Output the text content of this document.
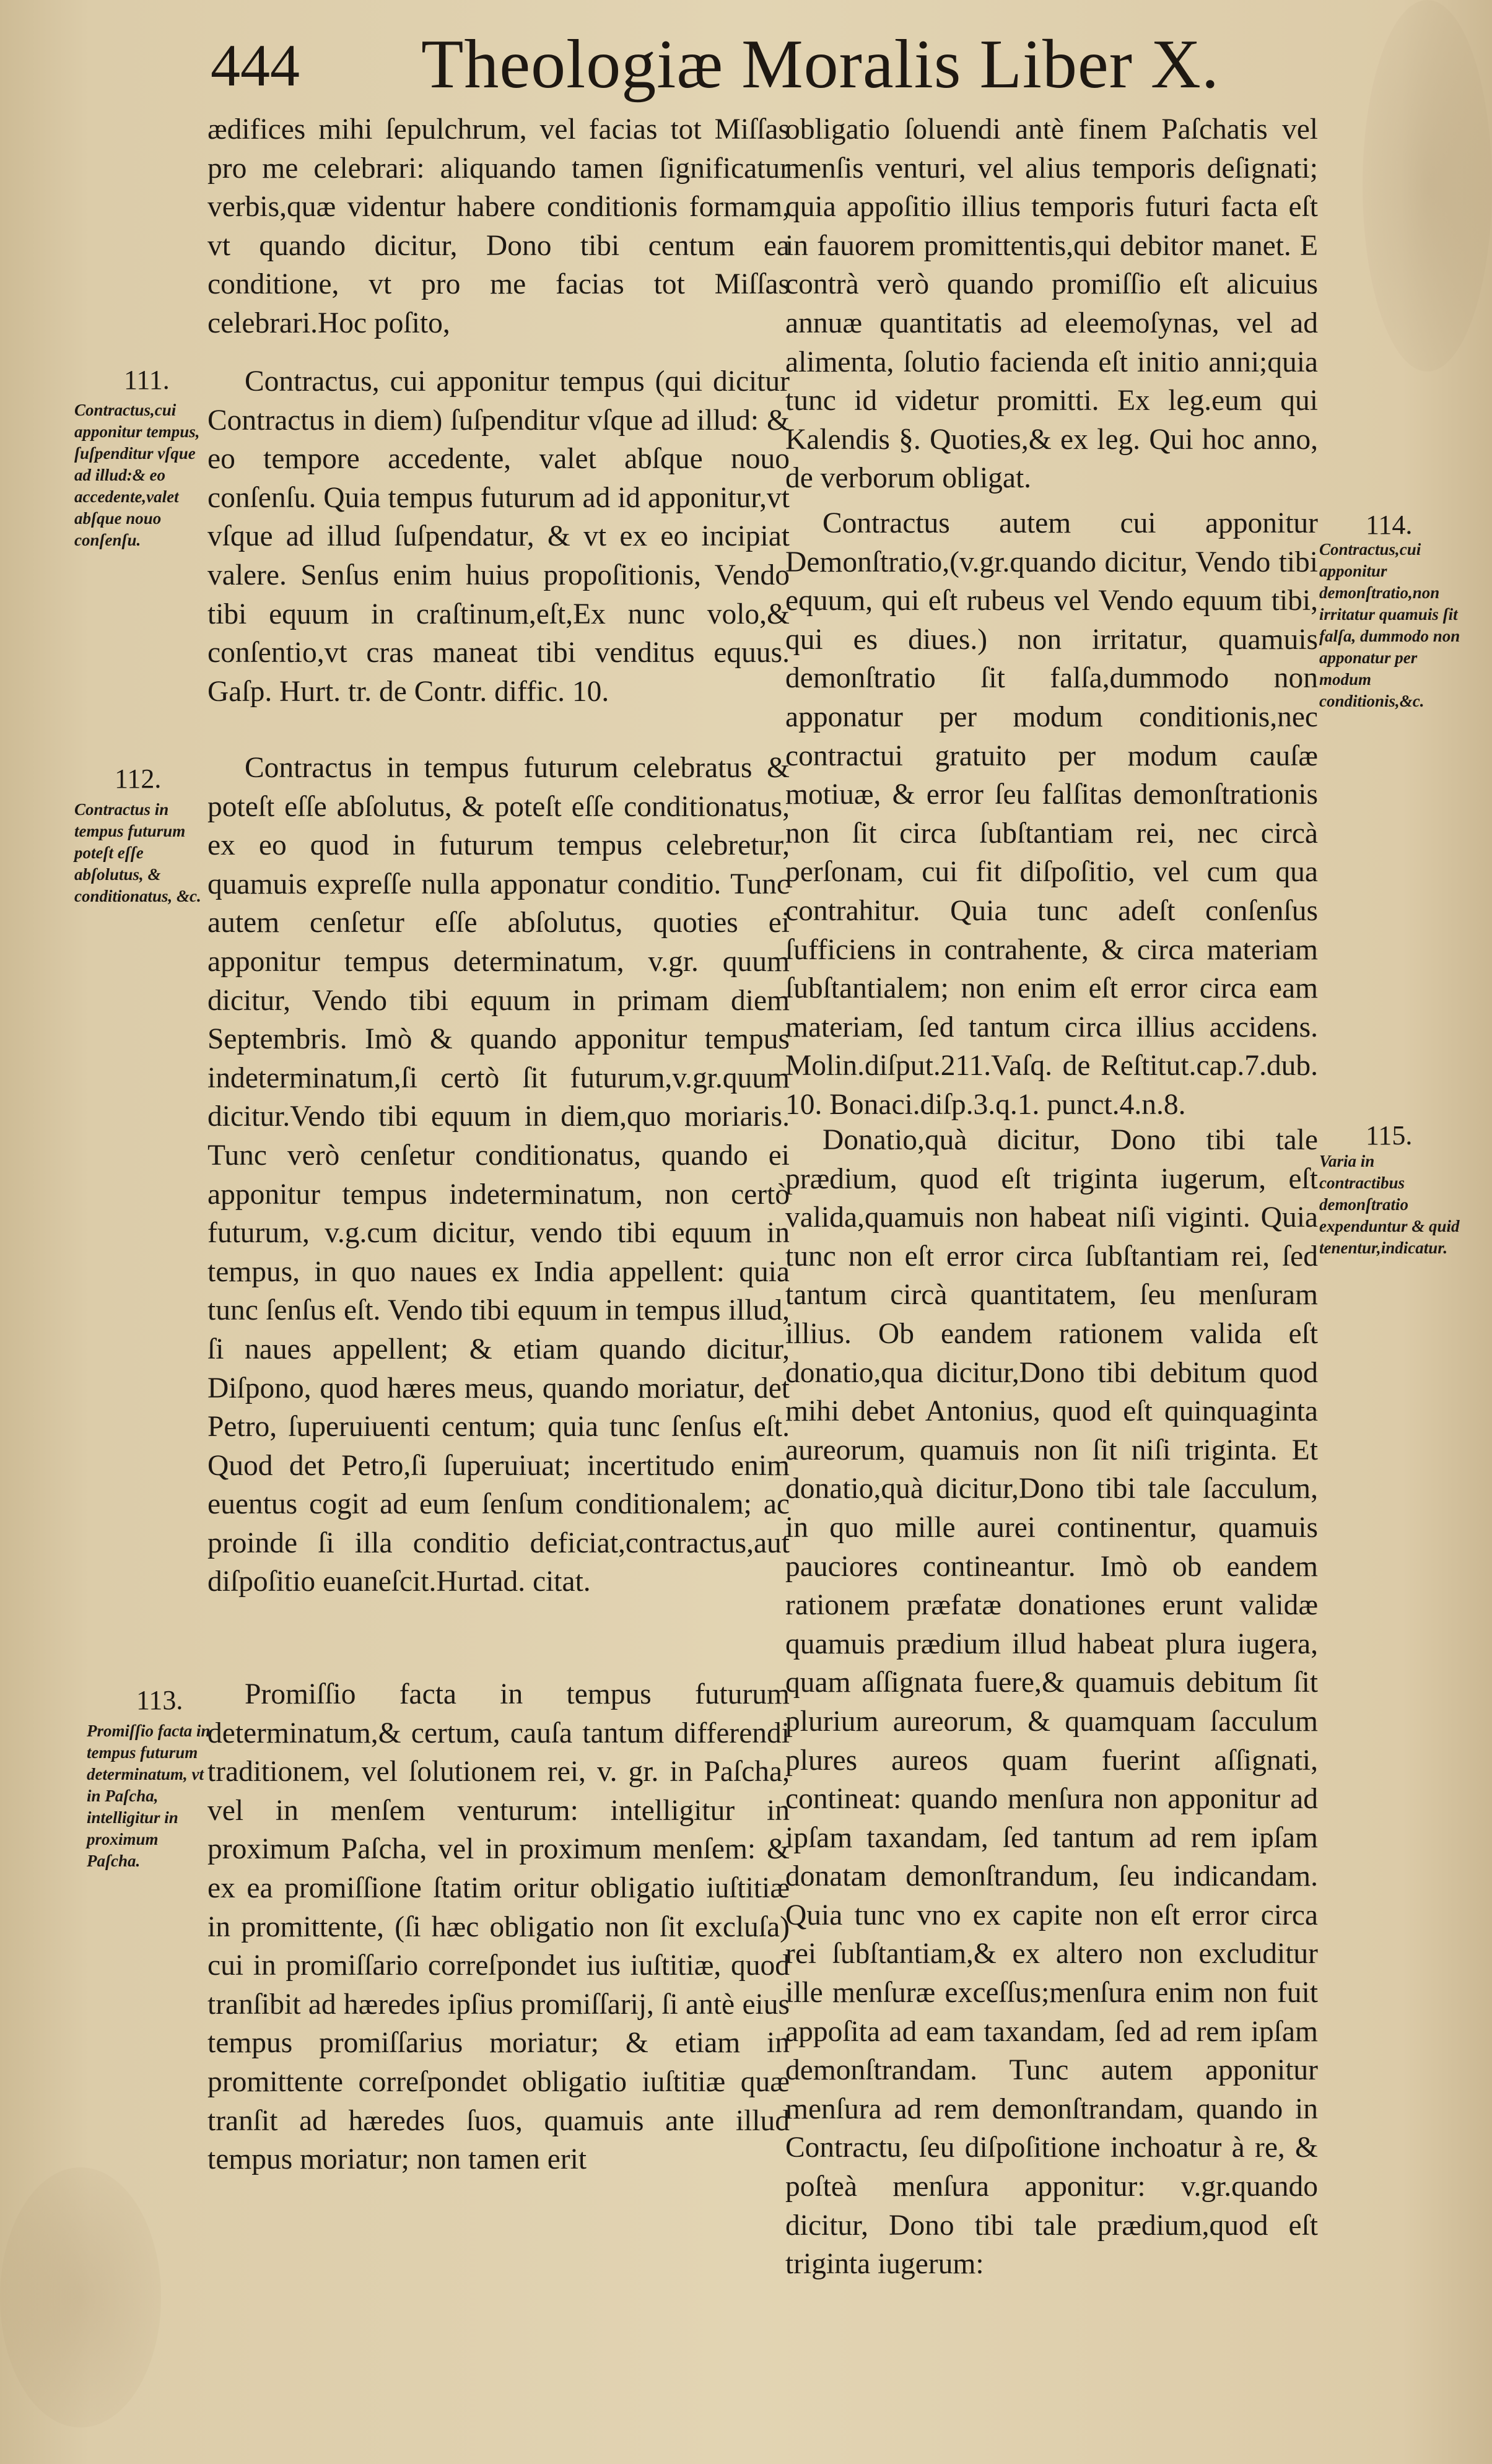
444 Theologiæ Moralis Liber X.

ædifices mihi ſepulchrum, vel facias tot Miſſas pro me celebrari: aliquando tamen ſignificatur verbis,quæ videntur habere conditionis formam, vt quando dicitur, Dono tibi centum ea conditione, vt pro me facias tot Miſſas celebrari.Hoc poſito,

Contractus, cui apponitur tempus (qui dicitur Contractus in diem) ſuſpenditur vſque ad illud: & eo tempore accedente, valet abſque nouo conſenſu. Quia tempus futurum ad id apponitur,vt vſque ad illud ſuſpendatur, & vt ex eo incipiat valere. Senſus enim huius propoſitionis, Vendo tibi equum in craſtinum,eſt,Ex nunc volo,& conſentio,vt cras maneat tibi venditus equus. Gaſp. Hurt. tr. de Contr. diffic. 10.

Contractus in tempus futurum celebratus & poteſt eſſe abſolutus, & poteſt eſſe conditionatus, ex eo quod in futurum tempus celebretur, quamuis expreſſe nulla apponatur conditio. Tunc autem cenſetur eſſe abſolutus, quoties ei apponitur tempus determinatum, v.gr. quum dicitur, Vendo tibi equum in primam diem Septembris. Imò & quando apponitur tempus indeterminatum,ſi certò ſit futurum,v.gr.quum dicitur.Vendo tibi equum in diem,quo moriaris. Tunc verò cenſetur conditionatus, quando ei apponitur tempus indeterminatum, non certò futurum, v.g.cum dicitur, vendo tibi equum in tempus, in quo naues ex India appellent: quia tunc ſenſus eſt. Vendo tibi equum in tempus illud, ſi naues appellent; & etiam quando dicitur, Diſpono, quod hæres meus, quando moriatur, det Petro, ſuperuiuenti centum; quia tunc ſenſus eſt. Quod det Petro,ſi ſuperuiuat; incertitudo enim euentus cogit ad eum ſenſum conditionalem; ac proinde ſi illa conditio deficiat,contractus,aut diſpoſitio euaneſcit.Hurtad. citat.

Promiſſio facta in tempus futurum determinatum,& certum, cauſa tantum differendi traditionem, vel ſolutionem rei, v. gr. in Paſcha, vel in menſem venturum: intelligitur in proximum Paſcha, vel in proximum menſem: & ex ea promiſſione ſtatim oritur obligatio iuſtitiæ in promittente, (ſi hæc obligatio non ſit excluſa) cui in promiſſario correſpondet ius iuſtitiæ, quod tranſibit ad hæredes ipſius promiſſarij, ſi antè eius tempus promiſſarius moriatur; & etiam in promittente correſpondet obligatio iuſtitiæ quæ tranſit ad hæredes ſuos, quamuis ante illud tempus moriatur; non tamen erit

111.
Contractus,cui apponitur tempus, ſuſpenditur vſque ad illud:& eo accedente,valet abſque nouo conſenſu.
112.
Contractus in tempus futurum poteſt eſſe abſolutus, & conditionatus, &c.
113.
Promiſſio facta in tempus futurum determinatum, vt in Paſcha, intelligitur in proximum Paſcha.

obligatio ſoluendi antè finem Paſchatis vel menſis venturi, vel alius temporis deſignati; quia appoſitio illius temporis futuri facta eſt in fauorem promittentis,qui debitor manet. E contrà verò quando promiſſio eſt alicuius annuæ quantitatis ad eleemoſynas, vel ad alimenta, ſolutio facienda eſt initio anni;quia tunc id videtur promitti. Ex leg.eum qui Kalendis §. Quoties,& ex leg. Qui hoc anno, de verborum obligat.

Contractus autem cui apponitur Demonſtratio,(v.gr.quando dicitur, Vendo tibi equum, qui eſt rubeus vel Vendo equum tibi, qui es diues.) non irritatur, quamuis demonſtratio ſit falſa,dummodo non apponatur per modum conditionis,nec contractui gratuito per modum cauſæ motiuæ, & error ſeu falſitas demonſtrationis non ſit circa ſubſtantiam rei, nec circà perſonam, cui fit diſpoſitio, vel cum qua contrahitur. Quia tunc adeſt conſenſus ſufficiens in contrahente, & circa materiam ſubſtantialem; non enim eſt error circa eam materiam, ſed tantum circa illius accidens. Molin.diſput.211.Vaſq. de Reſtitut.cap.7.dub. 10. Bonaci.diſp.3.q.1. punct.4.n.8.

Donatio,quà dicitur, Dono tibi tale prædium, quod eſt triginta iugerum, eſt valida,quamuis non habeat niſi viginti. Quia tunc non eſt error circa ſubſtantiam rei, ſed tantum circà quantitatem, ſeu menſuram illius. Ob eandem rationem valida eſt donatio,qua dicitur,Dono tibi debitum quod mihi debet Antonius, quod eſt quinquaginta aureorum, quamuis non ſit niſi triginta. Et donatio,quà dicitur,Dono tibi tale ſacculum, in quo mille aurei continentur, quamuis pauciores contineantur. Imò ob eandem rationem præfatæ donationes erunt validæ quamuis prædium illud habeat plura iugera, quam aſſignata fuere,& quamuis debitum ſit plurium aureorum, & quamquam ſacculum plures aureos quam fuerint aſſignati, contineat: quando menſura non apponitur ad ipſam taxandam, ſed tantum ad rem ipſam donatam demonſtrandum, ſeu indicandam. Quia tunc vno ex capite non eſt error circa rei ſubſtantiam,& ex altero non excluditur ille menſuræ exceſſus;menſura enim non fuit appoſita ad eam taxandam, ſed ad rem ipſam demonſtrandam. Tunc autem apponitur menſura ad rem demonſtrandam, quando in Contractu, ſeu diſpoſitione inchoatur à re, & poſteà menſura apponitur: v.gr.quando dicitur, Dono tibi tale prædium,quod eſt triginta iugerum:

114.
Contractus,cui apponitur demonſtratio,non irritatur quamuis ſit falſa, dummodo non apponatur per modum conditionis,&c.
115.
Varia in contractibus demonſtratio expenduntur & quid tenentur,indicatur.
